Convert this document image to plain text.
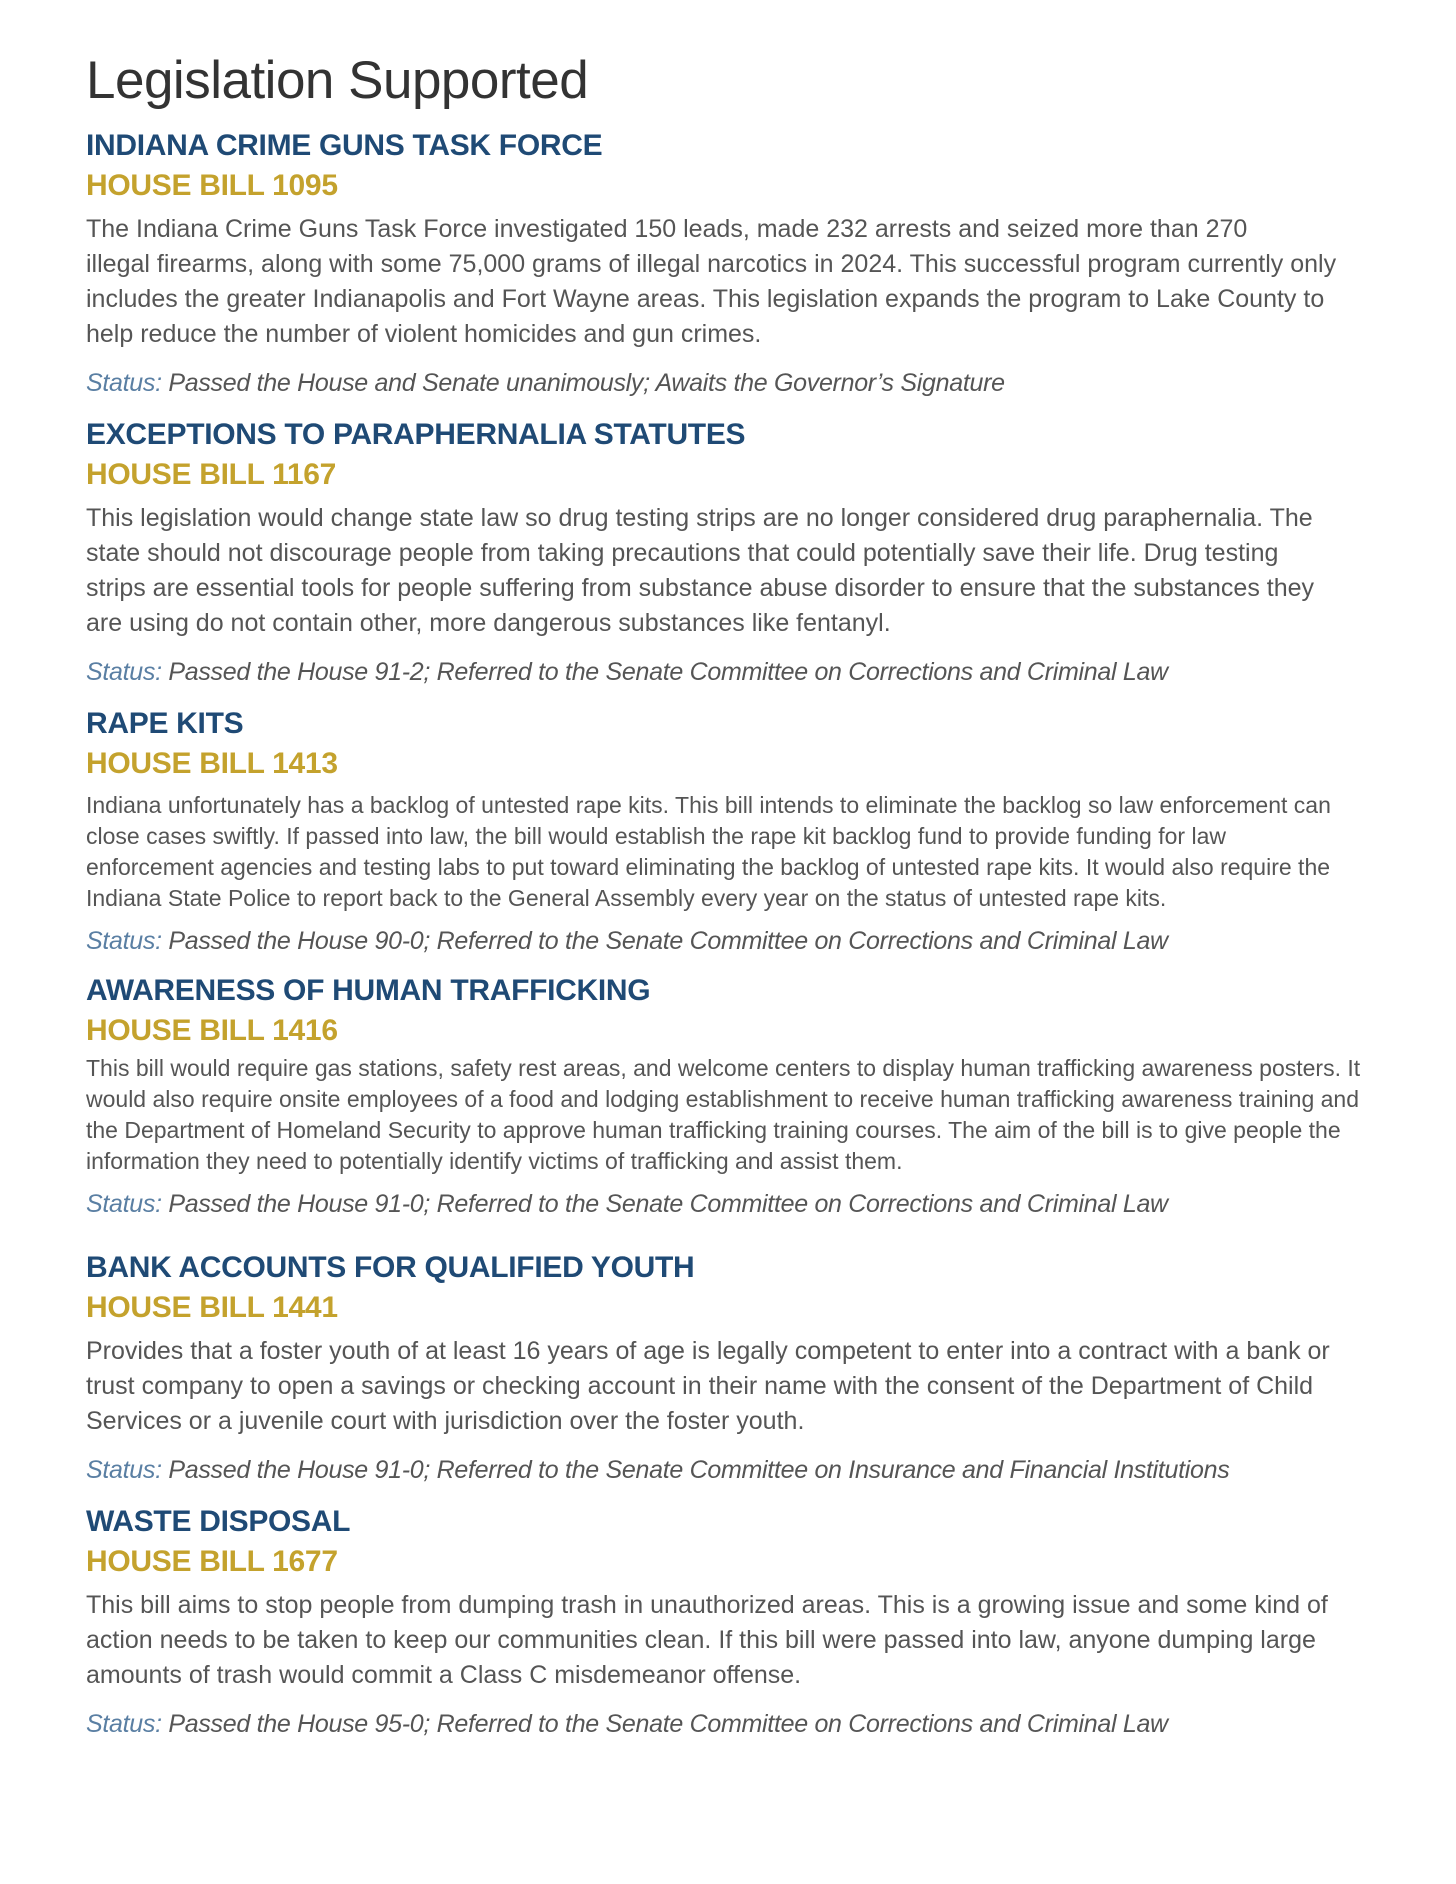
Legislation Supported
INDIANA CRIME GUNS TASK FORCE
HOUSE BILL 1095

The Indiana Crime Guns Task Force investigated 150 leads, made 232 arrests and seized more than 270
illegal firearms, along with some 75,000 grams of illegal narcotics in 2024. This successful program currently only
includes the greater Indianapolis and Fort Wayne areas. This legislation expands the program to Lake County to
help reduce the number of violent homicides and gun crimes.

Status: Passed the House and Senate unanimously; Awaits the Governor’s Signature

EXCEPTIONS TO PARAPHERNALIA STATUTES
HOUSE BILL 1167

This legislation would change state law so drug testing strips are no longer considered drug paraphernalia. The
state should not discourage people from taking precautions that could potentially save their life. Drug testing
strips are essential tools for people suffering from substance abuse disorder to ensure that the substances they
are using do not contain other, more dangerous substances like fentanyl.

Status: Passed the House 91-2; Referred to the Senate Committee on Corrections and Criminal Law

RAPE KITS
HOUSE BILL 1413

Indiana unfortunately has a backlog of untested rape kits. This bill intends to eliminate the backlog so law enforcement can
close cases swiftly. If passed into law, the bill would establish the rape kit backlog fund to provide funding for law
enforcement agencies and testing labs to put toward eliminating the backlog of untested rape kits. It would also require the
Indiana State Police to report back to the General Assembly every year on the status of untested rape kits.

Status: Passed the House 90-0; Referred to the Senate Committee on Corrections and Criminal Law

AWARENESS OF HUMAN TRAFFICKING
HOUSE BILL 1416

This bill would require gas stations, safety rest areas, and welcome centers to display human trafficking awareness posters. It
would also require onsite employees of a food and lodging establishment to receive human trafficking awareness training and
the Department of Homeland Security to approve human trafficking training courses. The aim of the bill is to give people the
information they need to potentially identify victims of trafficking and assist them.

Status: Passed the House 91-0; Referred to the Senate Committee on Corrections and Criminal Law

BANK ACCOUNTS FOR QUALIFIED YOUTH
HOUSE BILL 1441

Provides that a foster youth of at least 16 years of age is legally competent to enter into a contract with a bank or
trust company to open a savings or checking account in their name with the consent of the Department of Child
Services or a juvenile court with jurisdiction over the foster youth.

Status: Passed the House 91-0; Referred to the Senate Committee on Insurance and Financial Institutions

WASTE DISPOSAL
HOUSE BILL 1677

This bill aims to stop people from dumping trash in unauthorized areas. This is a growing issue and some kind of
action needs to be taken to keep our communities clean. If this bill were passed into law, anyone dumping large
amounts of trash would commit a Class C misdemeanor offense.

Status: Passed the House 95-0; Referred to the Senate Committee on Corrections and Criminal Law
